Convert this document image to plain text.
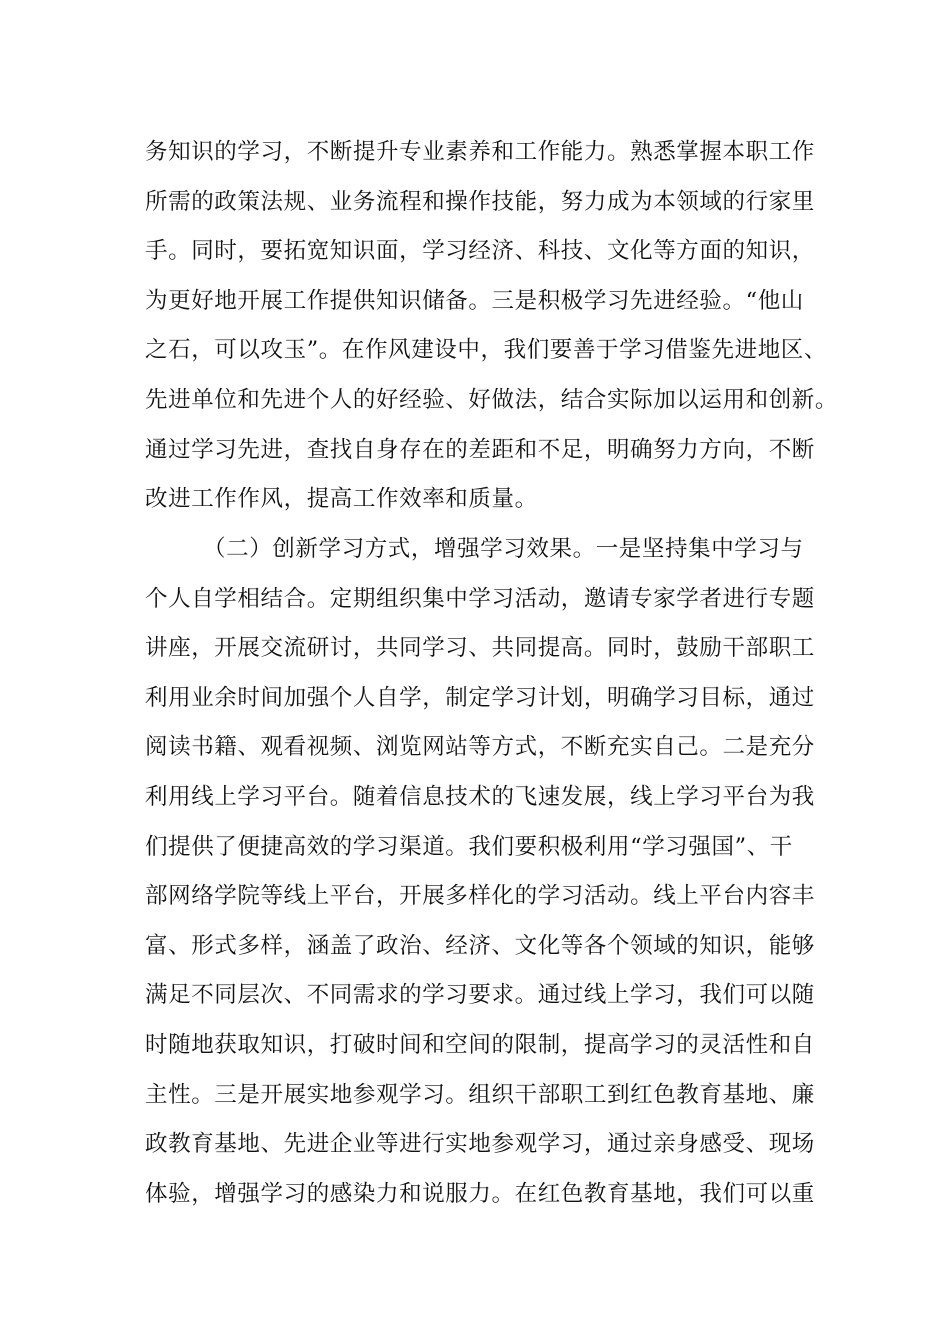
务知识的学习，不断提升专业素养和工作能力。熟悉掌握本职工作
所需的政策法规、业务流程和操作技能，努力成为本领域的行家里
手。同时，要拓宽知识面，学习经济、科技、文化等方面的知识，
为更好地开展工作提供知识储备。三是积极学习先进经验。“他山
之石，可以攻玉”。在作风建设中，我们要善于学习借鉴先进地区、
先进单位和先进个人的好经验、好做法，结合实际加以运用和创新。
通过学习先进，查找自身存在的差距和不足，明确努力方向，不断
改进工作作风，提高工作效率和质量。
（二）创新学习方式，增强学习效果。一是坚持集中学习与
个人自学相结合。定期组织集中学习活动，邀请专家学者进行专题
讲座，开展交流研讨，共同学习、共同提高。同时，鼓励干部职工
利用业余时间加强个人自学，制定学习计划，明确学习目标，通过
阅读书籍、观看视频、浏览网站等方式，不断充实自己。二是充分
利用线上学习平台。随着信息技术的飞速发展，线上学习平台为我
们提供了便捷高效的学习渠道。我们要积极利用“学习强国”、干
部网络学院等线上平台，开展多样化的学习活动。线上平台内容丰
富、形式多样，涵盖了政治、经济、文化等各个领域的知识，能够
满足不同层次、不同需求的学习要求。通过线上学习，我们可以随
时随地获取知识，打破时间和空间的限制，提高学习的灵活性和自
主性。三是开展实地参观学习。组织干部职工到红色教育基地、廉
政教育基地、先进企业等进行实地参观学习，通过亲身感受、现场
体验，增强学习的感染力和说服力。在红色教育基地，我们可以重
